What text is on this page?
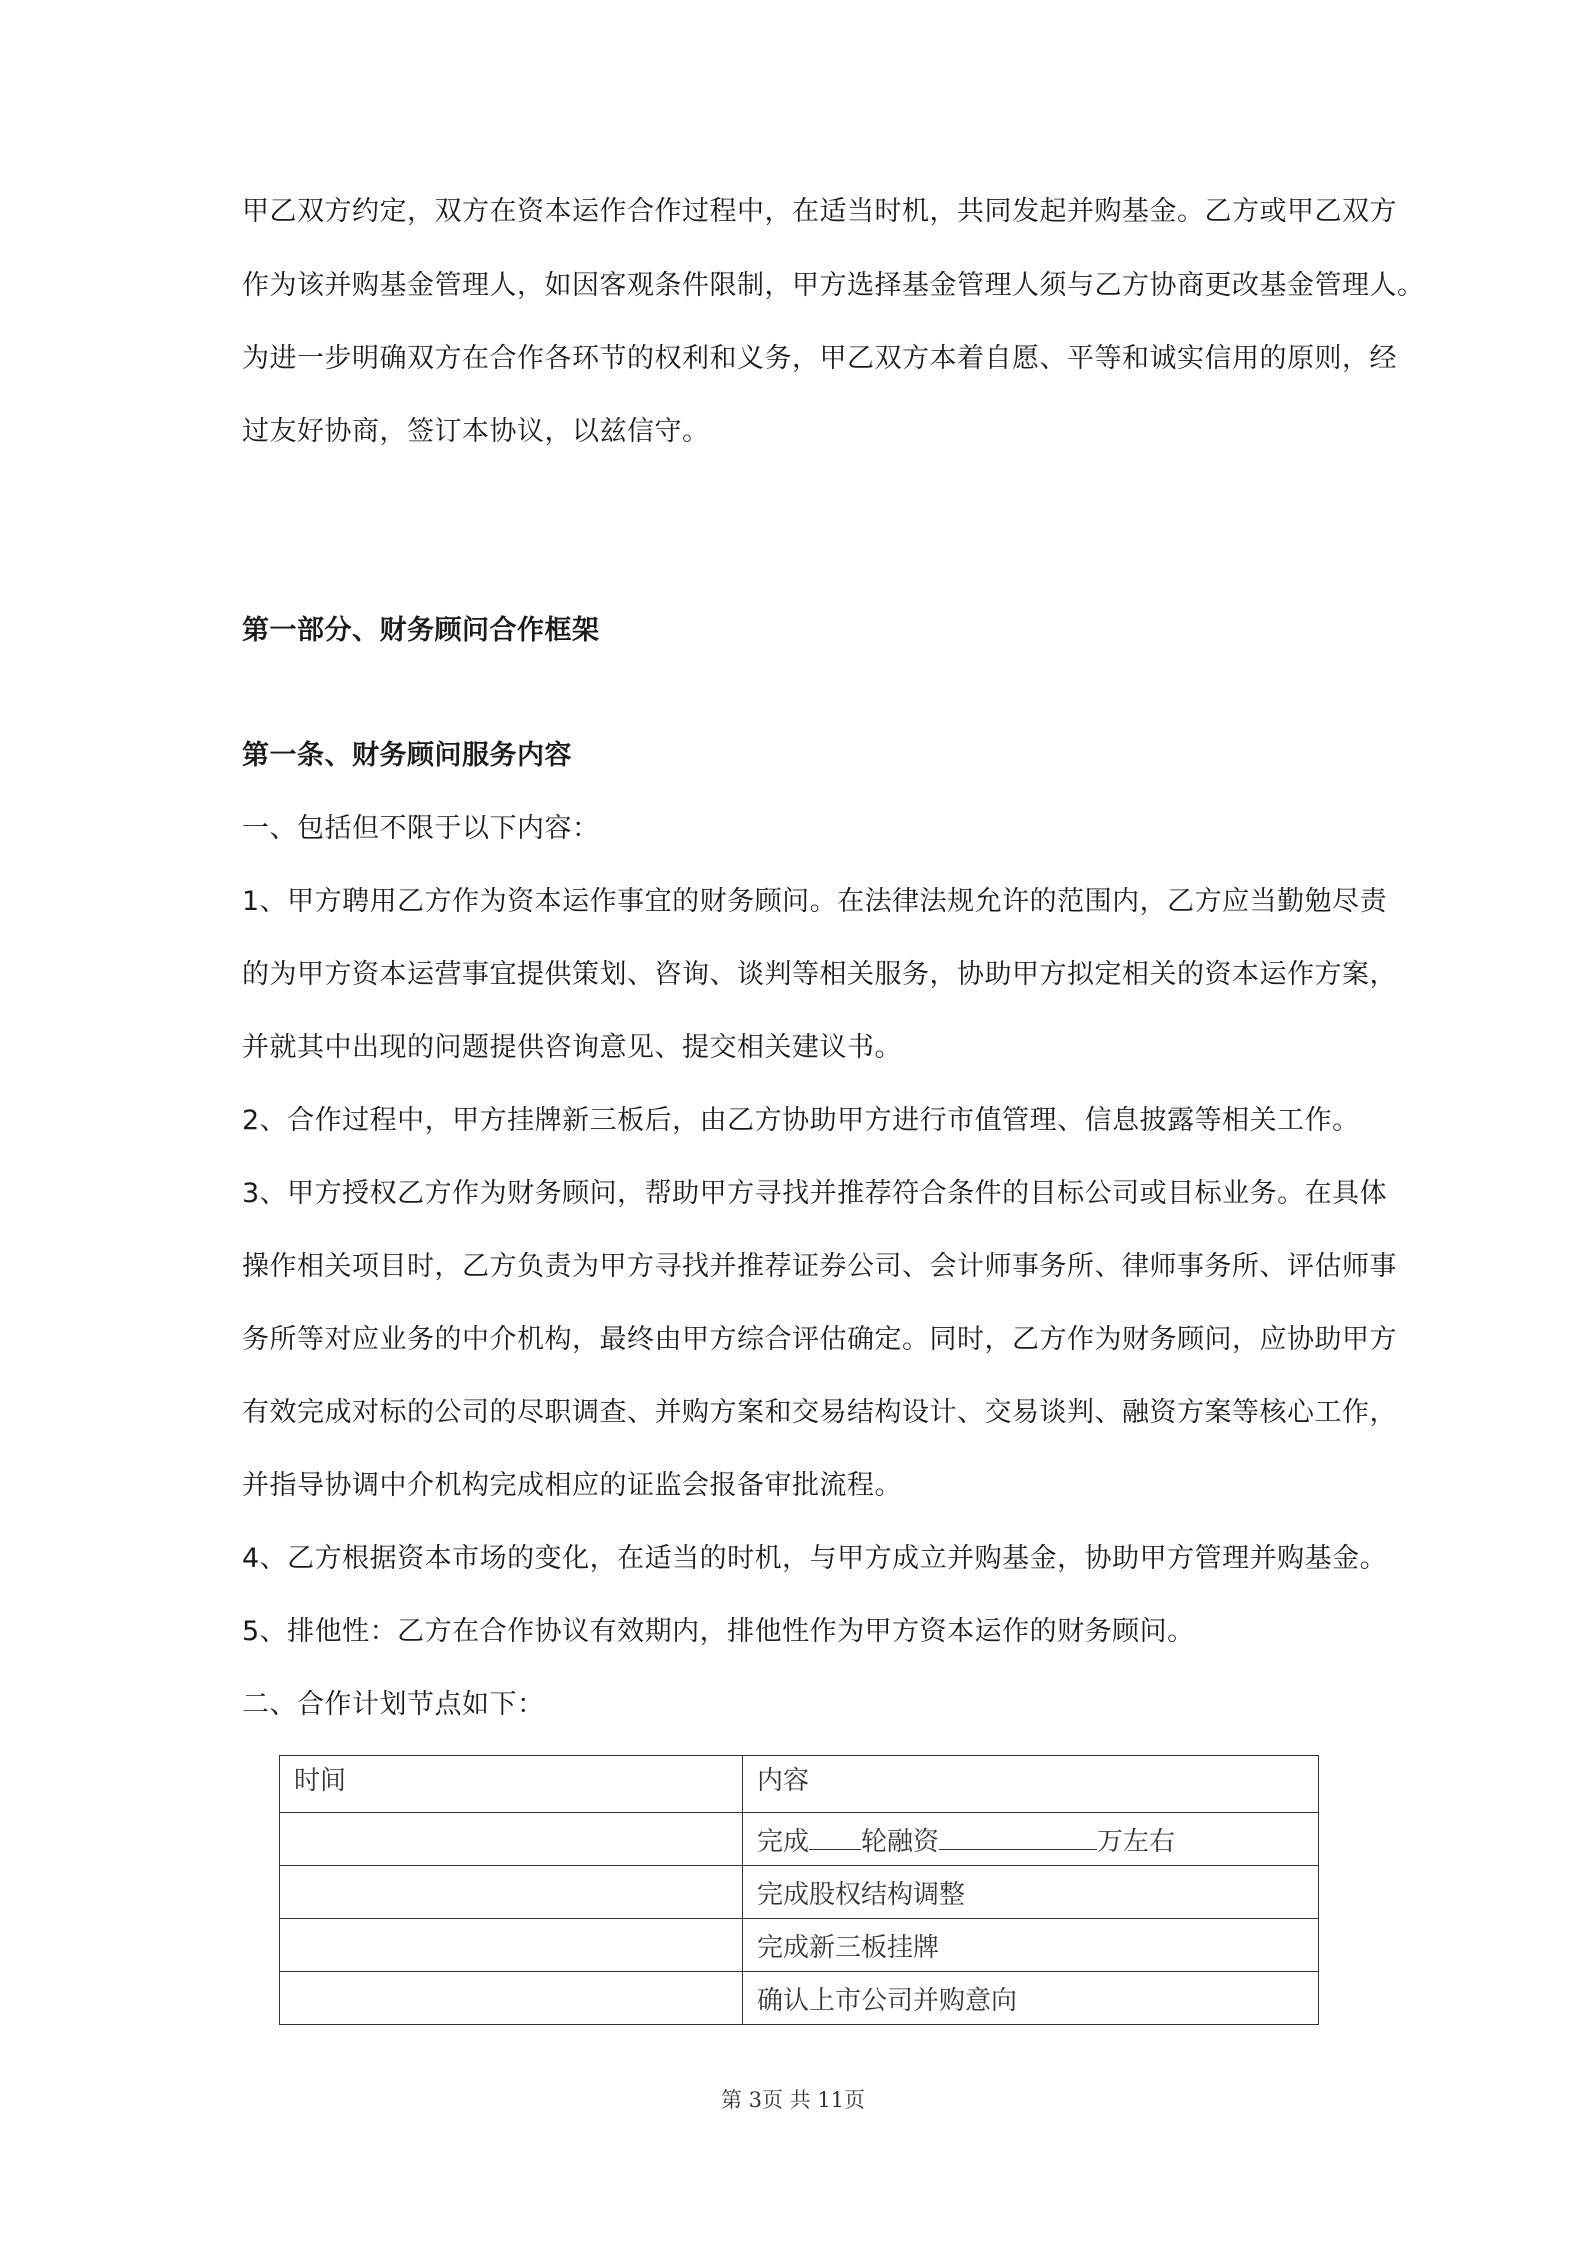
甲乙双方约定，双方在资本运作合作过程中，在适当时机，共同发起并购基金。乙方或甲乙双方
作为该并购基金管理人，如因客观条件限制，甲方选择基金管理人须与乙方协商更改基金管理人。
为进一步明确双方在合作各环节的权利和义务，甲乙双方本着自愿、平等和诚实信用的原则，经
过友好协商，签订本协议，以兹信守。
第一部分、财务顾问合作框架
第一条、财务顾问服务内容
一、包括但不限于以下内容：
1、甲方聘用乙方作为资本运作事宜的财务顾问。在法律法规允许的范围内，乙方应当勤勉尽责
的为甲方资本运营事宜提供策划、咨询、谈判等相关服务，协助甲方拟定相关的资本运作方案，
并就其中出现的问题提供咨询意见、提交相关建议书。
2、合作过程中，甲方挂牌新三板后，由乙方协助甲方进行市值管理、信息披露等相关工作。
3、甲方授权乙方作为财务顾问，帮助甲方寻找并推荐符合条件的目标公司或目标业务。在具体
操作相关项目时，乙方负责为甲方寻找并推荐证券公司、会计师事务所、律师事务所、评估师事
务所等对应业务的中介机构，最终由甲方综合评估确定。同时，乙方作为财务顾问，应协助甲方
有效完成对标的公司的尽职调查、并购方案和交易结构设计、交易谈判、融资方案等核心工作，
并指导协调中介机构完成相应的证监会报备审批流程。
4、乙方根据资本市场的变化，在适当的时机，与甲方成立并购基金，协助甲方管理并购基金。
5、排他性：乙方在合作协议有效期内，排他性作为甲方资本运作的财务顾问。
二、合作计划节点如下：
时间	内容
	完成 轮融资 万左右
	完成股权结构调整
	完成新三板挂牌
	确认上市公司并购意向
第 3页 共 11页
